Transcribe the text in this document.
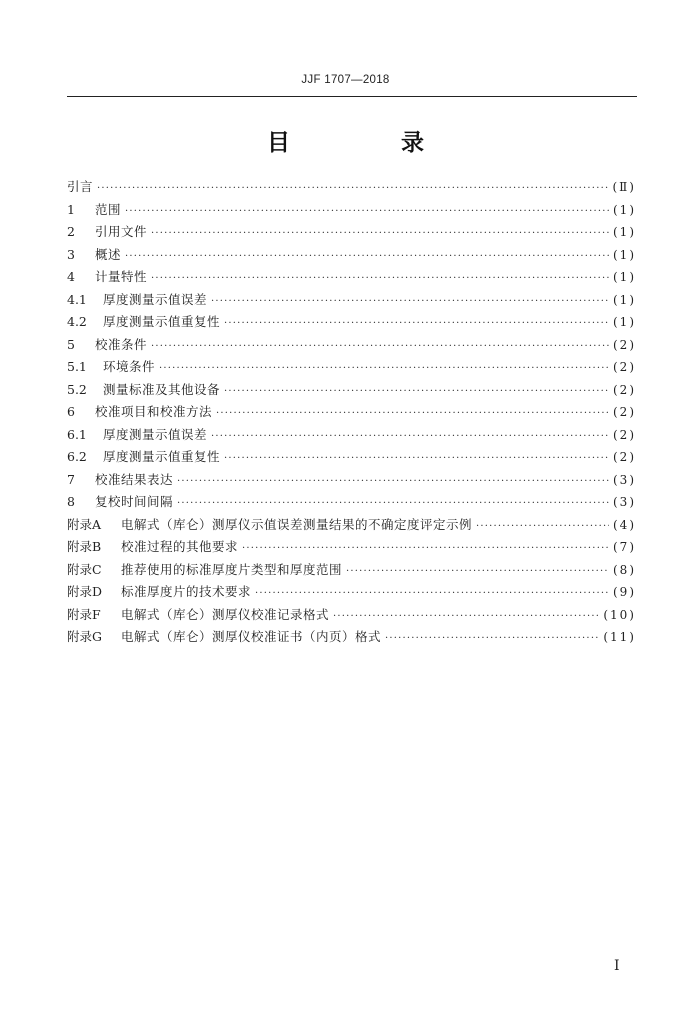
JJF 1707—2018
目　录
引言 ·····	(Ⅱ)
1	范围 ·····	(1)
2	引用文件 ·····	(1)
3	概述 ·····	(1)
4	计量特性 ·····	(1)
4.1	厚度测量示值误差 ·····	(1)
4.2	厚度测量示值重复性 ·····	(1)
5	校准条件 ·····	(2)
5.1	环境条件 ·····	(2)
5.2	测量标准及其他设备 ·····	(2)
6	校准项目和校准方法 ·····	(2)
6.1	厚度测量示值误差 ·····	(2)
6.2	厚度测量示值重复性 ·····	(2)
7	校准结果表达 ·····	(3)
8	复校时间间隔 ·····	(3)
附录A	电解式（库仑）测厚仪示值误差测量结果的不确定度评定示例 ·····	(4)
附录B	校准过程的其他要求 ·····	(7)
附录C	推荐使用的标准厚度片类型和厚度范围 ·····	(8)
附录D	标准厚度片的技术要求 ·····	(9)
附录F	电解式（库仑）测厚仪校准记录格式 ·····	(10)
附录G	电解式（库仑）测厚仪校准证书（内页）格式 ·····	(11)
I
